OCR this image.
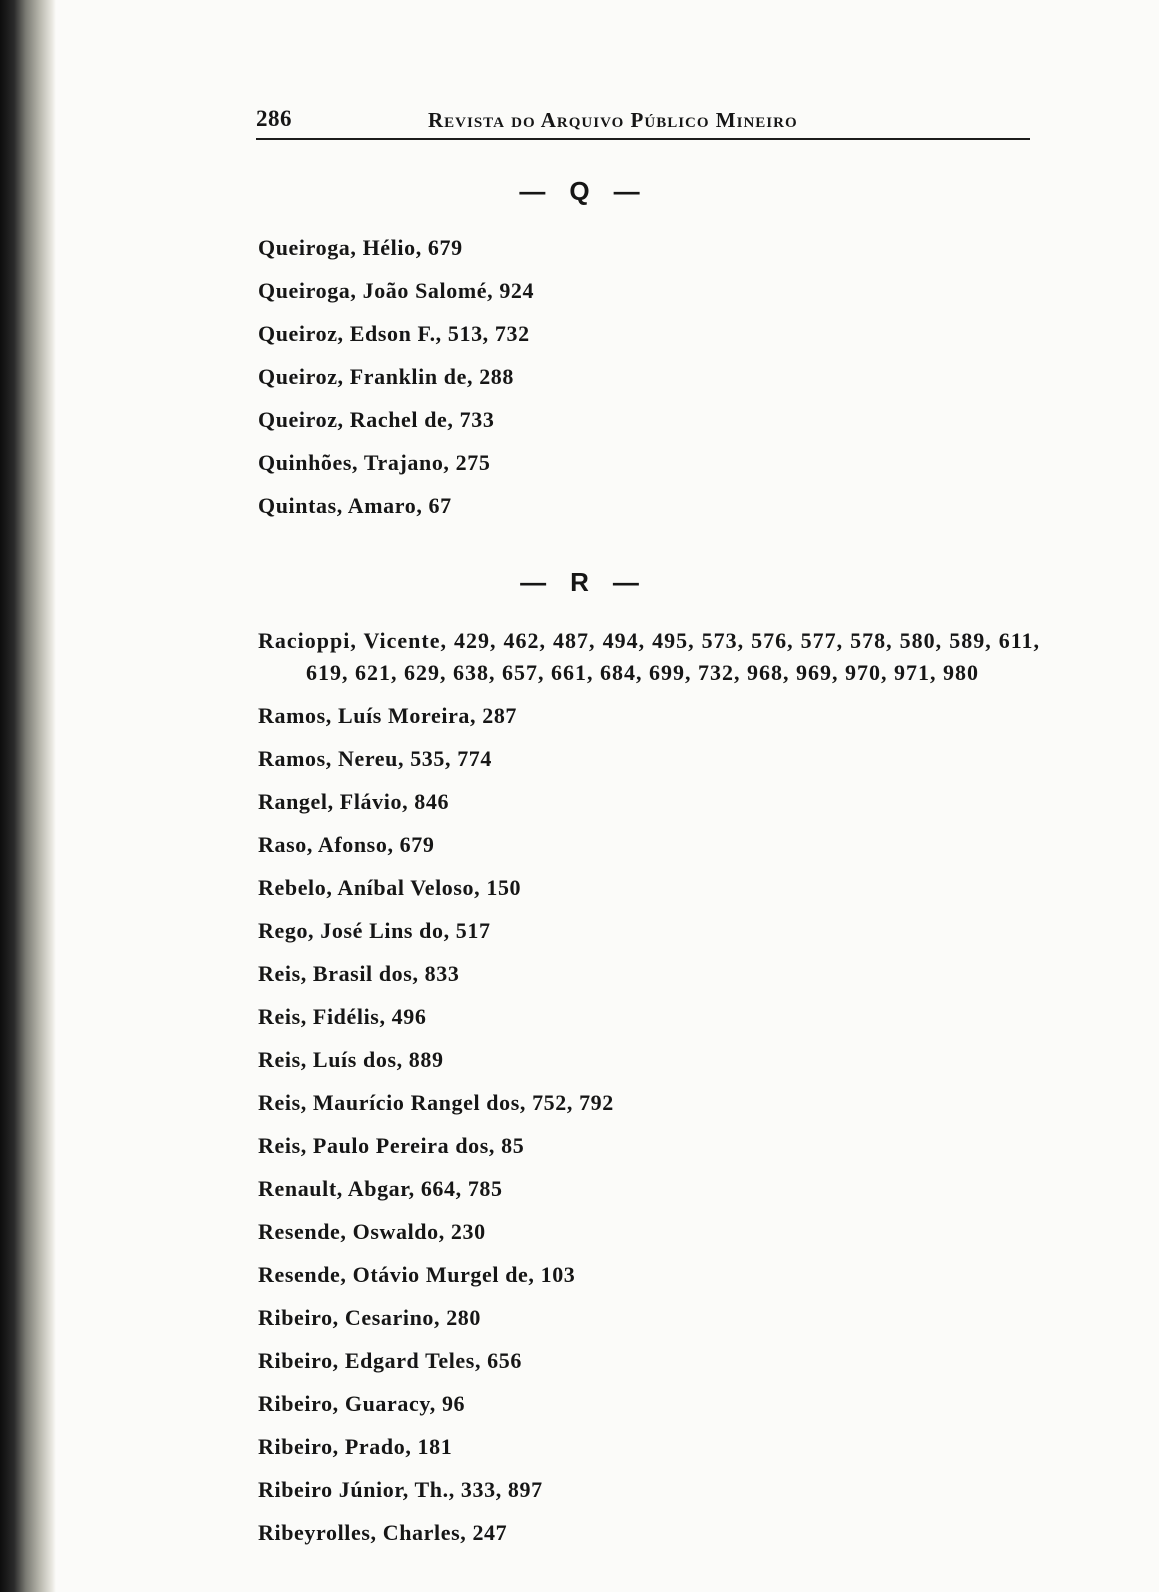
286	Revista do Arquivo Público Mineiro
— Q —
Queiroga, Hélio, 679
Queiroga, João Salomé, 924
Queiroz, Edson F., 513, 732
Queiroz, Franklin de, 288
Queiroz, Rachel de, 733
Quinhões, Trajano, 275
Quintas, Amaro, 67
— R —
Racioppi, Vicente, 429, 462, 487, 494, 495, 573, 576, 577, 578, 580, 589, 611, 619, 621, 629, 638, 657, 661, 684, 699, 732, 968, 969, 970, 971, 980
Ramos, Luís Moreira, 287
Ramos, Nereu, 535, 774
Rangel, Flávio, 846
Raso, Afonso, 679
Rebelo, Aníbal Veloso, 150
Rego, José Lins do, 517
Reis, Brasil dos, 833
Reis, Fidélis, 496
Reis, Luís dos, 889
Reis, Maurício Rangel dos, 752, 792
Reis, Paulo Pereira dos, 85
Renault, Abgar, 664, 785
Resende, Oswaldo, 230
Resende, Otávio Murgel de, 103
Ribeiro, Cesarino, 280
Ribeiro, Edgard Teles, 656
Ribeiro, Guaracy, 96
Ribeiro, Prado, 181
Ribeiro Júnior, Th., 333, 897
Ribeyrolles, Charles, 247
